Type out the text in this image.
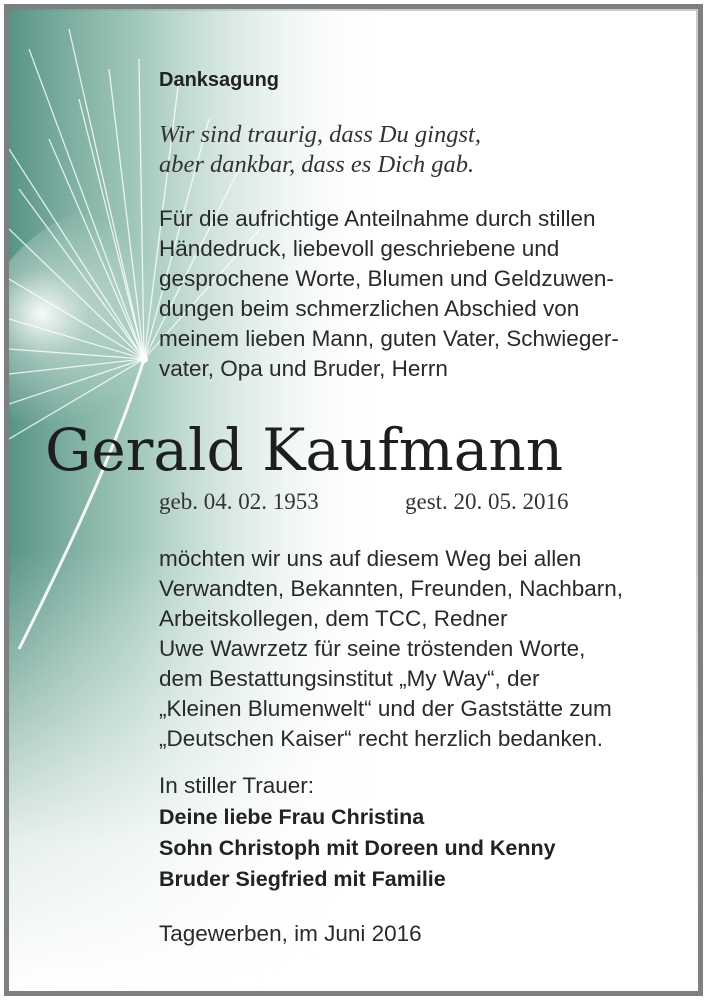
Danksagung
Wir sind traurig, dass Du gingst,
aber dankbar, dass es Dich gab.
Für die aufrichtige Anteilnahme durch stillen
Händedruck, liebevoll geschriebene und
gesprochene Worte, Blumen und Geldzuwen-
dungen beim schmerzlichen Abschied von
meinem lieben Mann, guten Vater, Schwieger-
vater, Opa und Bruder, Herrn
Gerald Kaufmann
geb. 04. 02. 1953	gest. 20. 05. 2016
möchten wir uns auf diesem Weg bei allen
Verwandten, Bekannten, Freunden, Nachbarn,
Arbeitskollegen, dem TCC, Redner
Uwe Wawrzetz für seine tröstenden Worte,
dem Bestattungsinstitut „My Way“, der
„Kleinen Blumenwelt“ und der Gaststätte zum
„Deutschen Kaiser“ recht herzlich bedanken.
In stiller Trauer:
Deine liebe Frau Christina
Sohn Christoph mit Doreen und Kenny
Bruder Siegfried mit Familie
Tagewerben, im Juni 2016
